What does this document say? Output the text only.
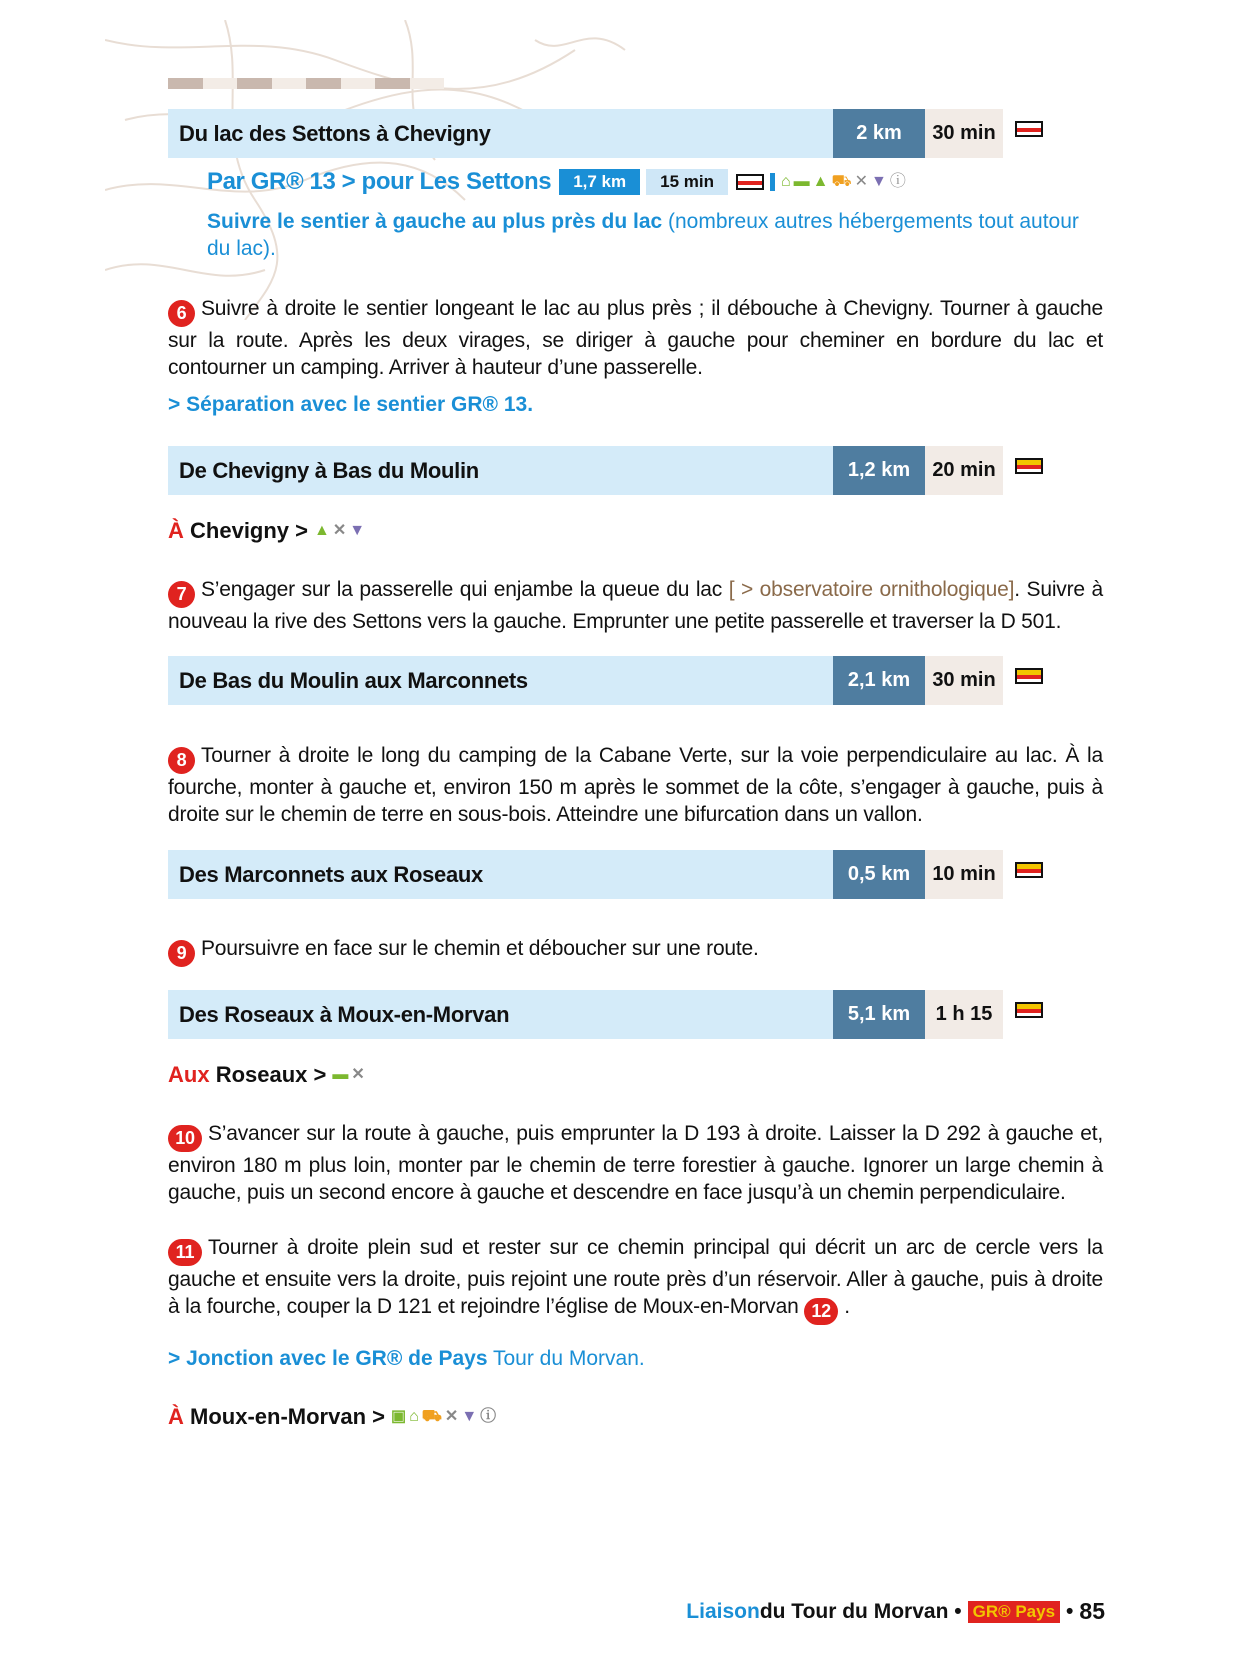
Du lac des Settons à Chevigny	2 km	30 min
Par GR® 13 > pour Les Settons	1,7 km	15 min	⌂ ▬ ▲ ⛟ ✕ ▼ ⓘ
Suivre le sentier à gauche au plus près du lac (nombreux autres hébergements tout autour du lac).
6 Suivre à droite le sentier longeant le lac au plus près ; il débouche à Chevigny. Tourner à gauche sur la route. Après les deux virages, se diriger à gauche pour cheminer en bordure du lac et contourner un camping. Arriver à hauteur d’une passerelle.
> Séparation avec le sentier GR® 13.
De Chevigny à Bas du Moulin	1,2 km	20 min
À
Chevigny > ▲ ✕ ▼
7 S’engager sur la passerelle qui enjambe la queue du lac [ > observatoire ornithologique]. Suivre à nouveau la rive des Settons vers la gauche. Emprunter une petite passerelle et traverser la D 501.
De Bas du Moulin aux Marconnets	2,1 km	30 min
8 Tourner à droite le long du camping de la Cabane Verte, sur la voie perpendiculaire au lac. À la fourche, monter à gauche et, environ 150 m après le sommet de la côte, s’engager à gauche, puis à droite sur le chemin de terre en sous-bois. Atteindre une bifurcation dans un vallon.
Des Marconnets aux Roseaux	0,5 km	10 min
9 Poursuivre en face sur le chemin et déboucher sur une route.
Des Roseaux à Moux-en-Morvan	5,1 km	1 h 15
Aux
Roseaux > ▬ ✕
10 S’avancer sur la route à gauche, puis emprunter la D 193 à droite. Laisser la D 292 à gauche et, environ 180 m plus loin, monter par le chemin de terre forestier à gauche. Ignorer un large chemin à gauche, puis un second encore à gauche et descendre en face jusqu’à un chemin perpendiculaire.
11 Tourner à droite plein sud et rester sur ce chemin principal qui décrit un arc de cercle vers la gauche et ensuite vers la droite, puis rejoint une route près d’un réservoir. Aller à gauche, puis à droite à la fourche, couper la D 121 et rejoindre l’église de Moux-en-Morvan 12 .
> Jonction avec le GR® de Pays Tour du Morvan.
À
Moux-en-Morvan > ▣ ⌂ ⛟ ✕ ▼ ⓘ
Liaison du Tour du Morvan • GR® Pays • 85
